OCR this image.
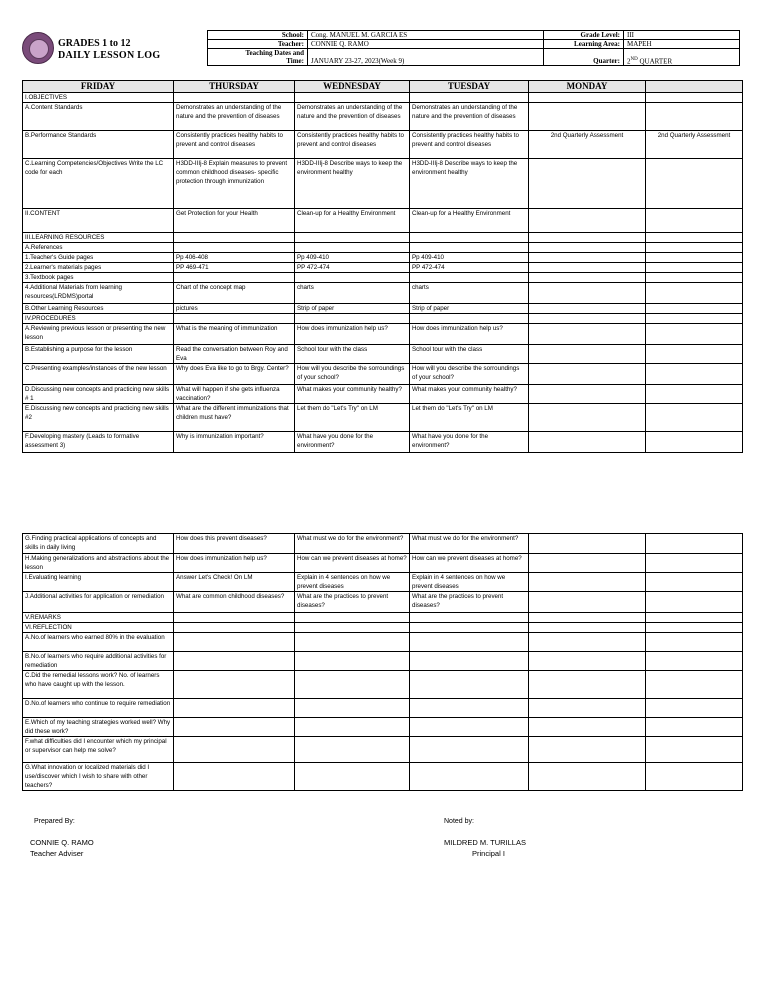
GRADES 1 to 12
DAILY LESSON LOG
School:	Cong. MANUEL M. GARCIA ES	Grade Level:	III
Teacher:	CONNIE Q. RAMO	Learning Area:	MAPEH
Teaching Dates and
Time:	JANUARY 23-27, 2023(Week 9)	Quarter:	2ND QUARTER
FRIDAY	THURSDAY	WEDNESDAY	TUESDAY	MONDAY	
I.OBJECTIVES					
A.Content Standards	Demonstrates an understanding of the nature and the prevention of diseases	Demonstrates an understanding of the nature and the prevention of diseases	Demonstrates an understanding of the nature and the prevention of diseases		
B.Performance Standards	Consistently practices healthy habits to prevent and control diseases	Consistently practices healthy habits to prevent and control diseases	Consistently practices healthy habits to prevent and control diseases	2nd Quarterly Assessment	2nd Quarterly Assessment
C.Learning Competencies/Objectives Write the LC code for each	H3DD-IIIj-8 Explain measures to prevent common childhood diseases- specific protection through immunization	H3DD-IIIj-8 Describe ways to keep the environment healthy	H3DD-IIIj-8 Describe ways to keep the environment healthy		
II.CONTENT	Get Protection for your Health	Clean-up for a Healthy Environment	Clean-up for a Healthy Environment		
III.LEARNING RESOURCES					
A.References					
1.Teacher's Guide pages	Pp 406-408	Pp 409-410	Pp 409-410		
2.Learner's materials pages	PP 469-471	PP 472-474	PP 472-474		
3.Textbook pages					
4.Additional Materials from learning resources(LRDMS)portal	Chart of the concept map	charts	charts		
B.Other Learning Resources	pictures	Strip of paper	Strip of paper		
IV.PROCEDURES					
A.Reviewing previous lesson or presenting the new lesson	What is the meaning of immunization	How does immunization help us?	How does immunization help us?		
B.Establishing a purpose for the lesson	Read the conversation between Roy and Eva	School tour with the class	School tour with the class		
C.Presenting examples/instances of the new lesson	Why does Eva like to go to Brgy. Center?	How will you describe the sorroundings of your school?	How will you describe the sorroundings of your school?		
D.Discussing new concepts and practicing new skills # 1	What will happen if she gets influenza vaccination?	What makes your community healthy?	What makes your community healthy?		
E.Discussing new concepts and practicing new skills #2	What are the different immunizations that children must have?	Let them do "Let's Try" on LM	Let them do "Let's Try" on LM		
F.Developing mastery (Leads to formative assessment 3)	Why is immunization important?	What have you done for the environment?	What have you done for the environment?		
G.Finding practical applications of concepts and skills in daily living	How does this prevent diseases?	What must we do for the environment?	What must we do for the environment?		
H.Making generalizations and abstractions about the lesson	How does immunization help us?	How can we prevent diseases at home?	How can we prevent diseases at home?		
I.Evaluating learning	Answer Let's Check! On LM	Explain in 4 sentences on how we prevent diseases	Explain in 4 sentences on how we prevent diseases		
J.Additional activities for application or remediation	What are common childhood diseases?	What are the practices to prevent diseases?	What are the practices to prevent diseases?		
V.REMARKS					
VI.REFLECTION					
A.No.of learners who earned 80% in the evaluation					
B.No.of learners who require additional activities for remediation					
C.Did the remedial lessons work? No. of learners who have caught up with the lesson.					
D.No.of learners who continue to require remediation					
E.Which of my teaching strategies worked well? Why did these work?					
F.what difficulties did I encounter which my principal or supervisor can help me solve?					
G.What innovation or localized materials did I use/discover which I wish to share with other teachers?					
Prepared By:
CONNIE Q. RAMO
Teacher Adviser
Noted by:
MILDRED M. TURILLAS
Principal I
